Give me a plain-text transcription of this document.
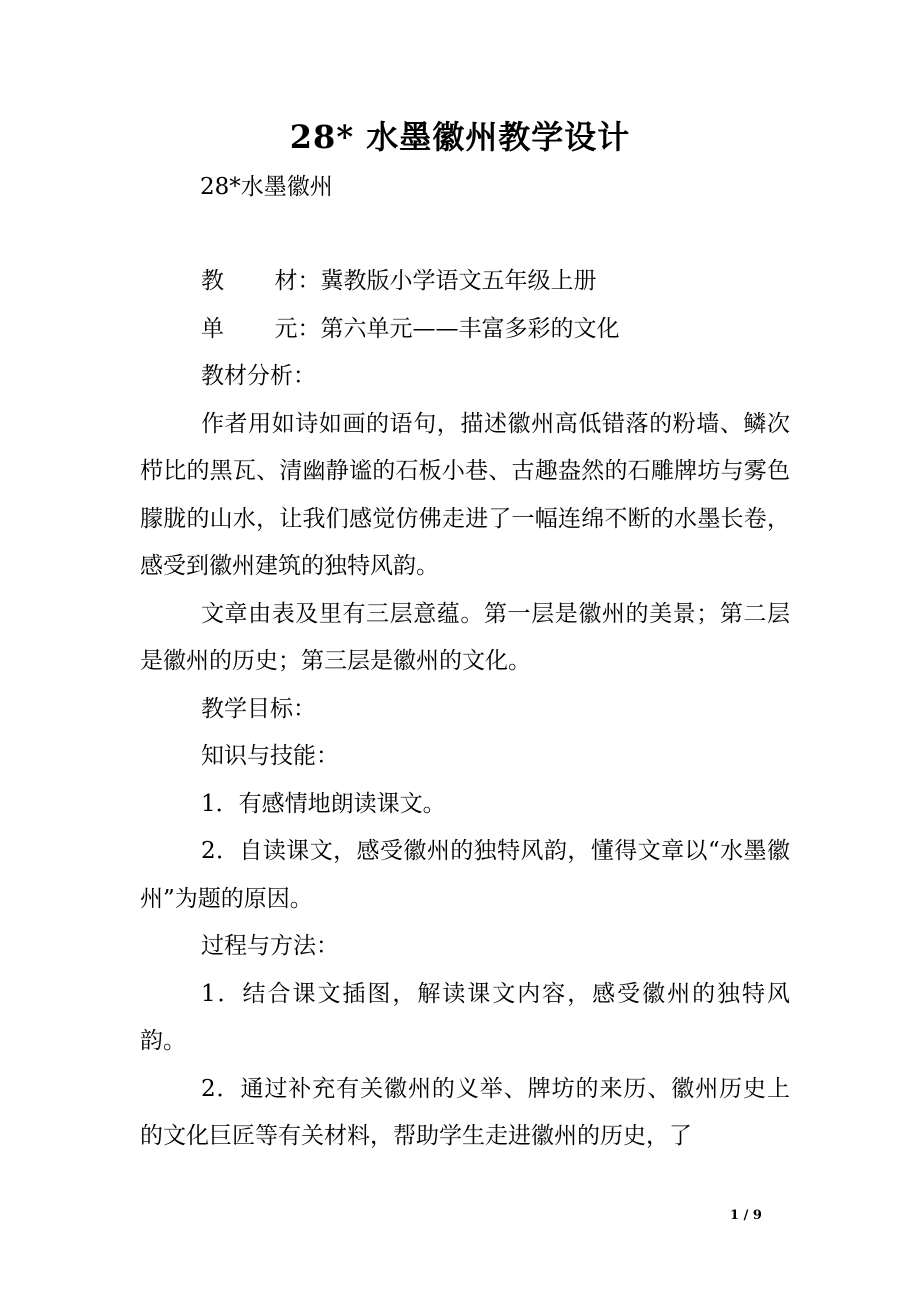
28* 水墨徽州教学设计
28*水墨徽州
教 材：冀教版小学语文五年级上册
单 元：第六单元——丰富多彩的文化

教材分析：

作者用如诗如画的语句，描述徽州高低错落的粉墙、鳞次栉比的黑瓦、清幽静谧的石板小巷、古趣盎然的石雕牌坊与雾色朦胧的山水，让我们感觉仿佛走进了一幅连绵不断的水墨长卷，感受到徽州建筑的独特风韵。

文章由表及里有三层意蕴。第一层是徽州的美景；第二层是徽州的历史；第三层是徽州的文化。

教学目标：

知识与技能：

1．有感情地朗读课文。

2．自读课文，感受徽州的独特风韵，懂得文章以“水墨徽州”为题的原因。

过程与方法：

1．结合课文插图，解读课文内容，感受徽州的独特风韵。

2．通过补充有关徽州的义举、牌坊的来历、徽州历史上的文化巨匠等有关材料，帮助学生走进徽州的历史，了

1 / 9
